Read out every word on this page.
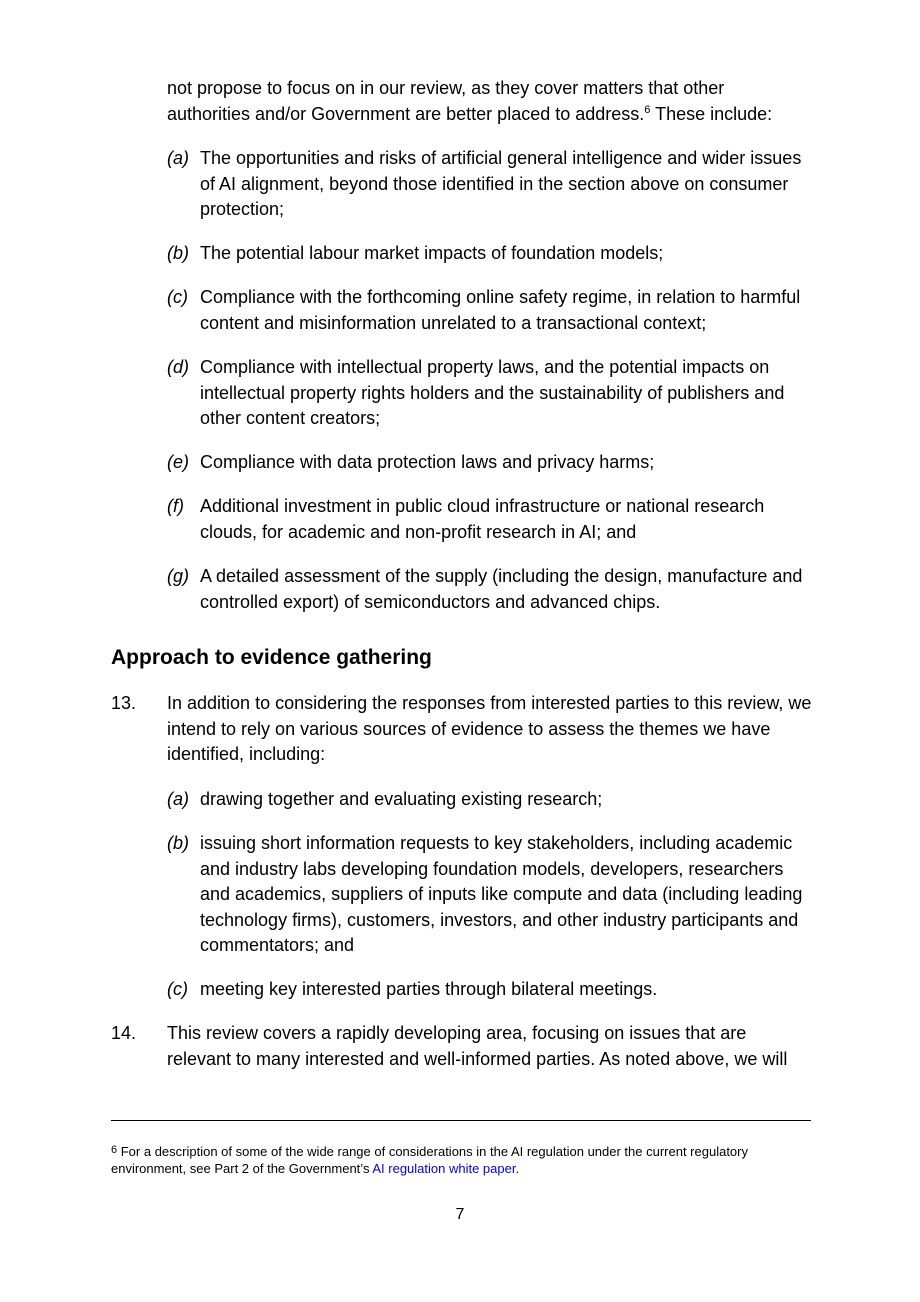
not propose to focus on in our review, as they cover matters that other authorities and/or Government are better placed to address.$^6$ These include:

(a) The opportunities and risks of artificial general intelligence and wider issues of AI alignment, beyond those identified in the section above on consumer protection;
(b) The potential labour market impacts of foundation models;
(c) Compliance with the forthcoming online safety regime, in relation to harmful content and misinformation unrelated to a transactional context;
(d) Compliance with intellectual property laws, and the potential impacts on intellectual property rights holders and the sustainability of publishers and other content creators;
(e) Compliance with data protection laws and privacy harms;
(f) Additional investment in public cloud infrastructure or national research clouds, for academic and non-profit research in AI; and
(g) A detailed assessment of the supply (including the design, manufacture and controlled export) of semiconductors and advanced chips.
Approach to evidence gathering
13.	In addition to considering the responses from interested parties to this review, we intend to rely on various sources of evidence to assess the themes we have identified, including:
(a) drawing together and evaluating existing research;
(b) issuing short information requests to key stakeholders, including academic and industry labs developing foundation models, developers, researchers and academics, suppliers of inputs like compute and data (including leading technology firms), customers, investors, and other industry participants and commentators; and
(c) meeting key interested parties through bilateral meetings.
14.	This review covers a rapidly developing area, focusing on issues that are relevant to many interested and well-informed parties. As noted above, we will
$^6$ For a description of some of the wide range of considerations in the AI regulation under the current regulatory environment, see Part 2 of the Government’s AI regulation white paper.
7
